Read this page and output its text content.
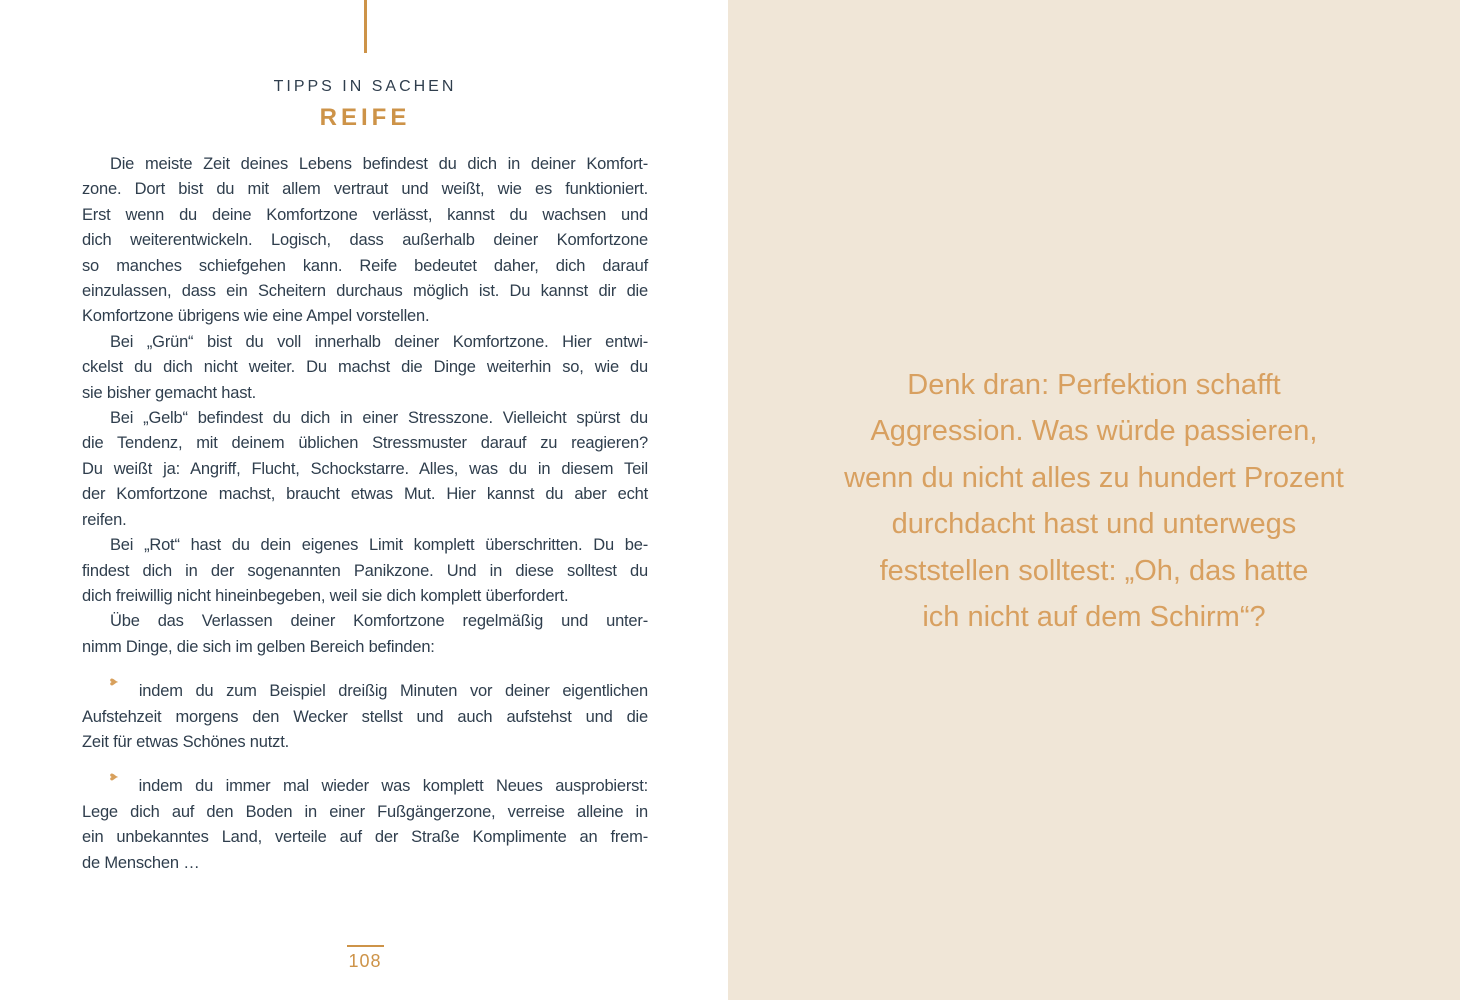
TIPPS IN SACHEN
REIFE

Die meiste Zeit deines Lebens befindest du dich in deiner Komfort-
zone. Dort bist du mit allem vertraut und weißt, wie es funktioniert.
Erst wenn du deine Komfortzone verlässt, kannst du wachsen und
dich weiterentwickeln. Logisch, dass außerhalb deiner Komfortzone
so manches schiefgehen kann. Reife bedeutet daher, dich darauf
einzulassen, dass ein Scheitern durchaus möglich ist. Du kannst dir die
Komfortzone übrigens wie eine Ampel vorstellen.

Bei „Grün“ bist du voll innerhalb deiner Komfortzone. Hier entwi-
ckelst du dich nicht weiter. Du machst die Dinge weiterhin so, wie du
sie bisher gemacht hast.

Bei „Gelb“ befindest du dich in einer Stresszone. Vielleicht spürst du
die Tendenz, mit deinem üblichen Stressmuster darauf zu reagieren?
Du weißt ja: Angriff, Flucht, Schockstarre. Alles, was du in diesem Teil
der Komfortzone machst, braucht etwas Mut. Hier kannst du aber echt
reifen.

Bei „Rot“ hast du dein eigenes Limit komplett überschritten. Du be-
findest dich in der sogenannten Panikzone. Und in diese solltest du
dich freiwillig nicht hineinbegeben, weil sie dich komplett überfordert.

Übe das Verlassen deiner Komfortzone regelmäßig und unter-
nimm Dinge, die sich im gelben Bereich befinden:

♥ indem du zum Beispiel dreißig Minuten vor deiner eigentlichen
Aufstehzeit morgens den Wecker stellst und auch aufstehst und die
Zeit für etwas Schönes nutzt.

♥ indem du immer mal wieder was komplett Neues ausprobierst:
Lege dich auf den Boden in einer Fußgängerzone, verreise alleine in
ein unbekanntes Land, verteile auf der Straße Komplimente an frem-
de Menschen …

108
Denk dran: Perfektion schafft
Aggression. Was würde passieren,
wenn du nicht alles zu hundert Prozent
durchdacht hast und unterwegs
feststellen solltest: „Oh, das hatte
ich nicht auf dem Schirm“?
